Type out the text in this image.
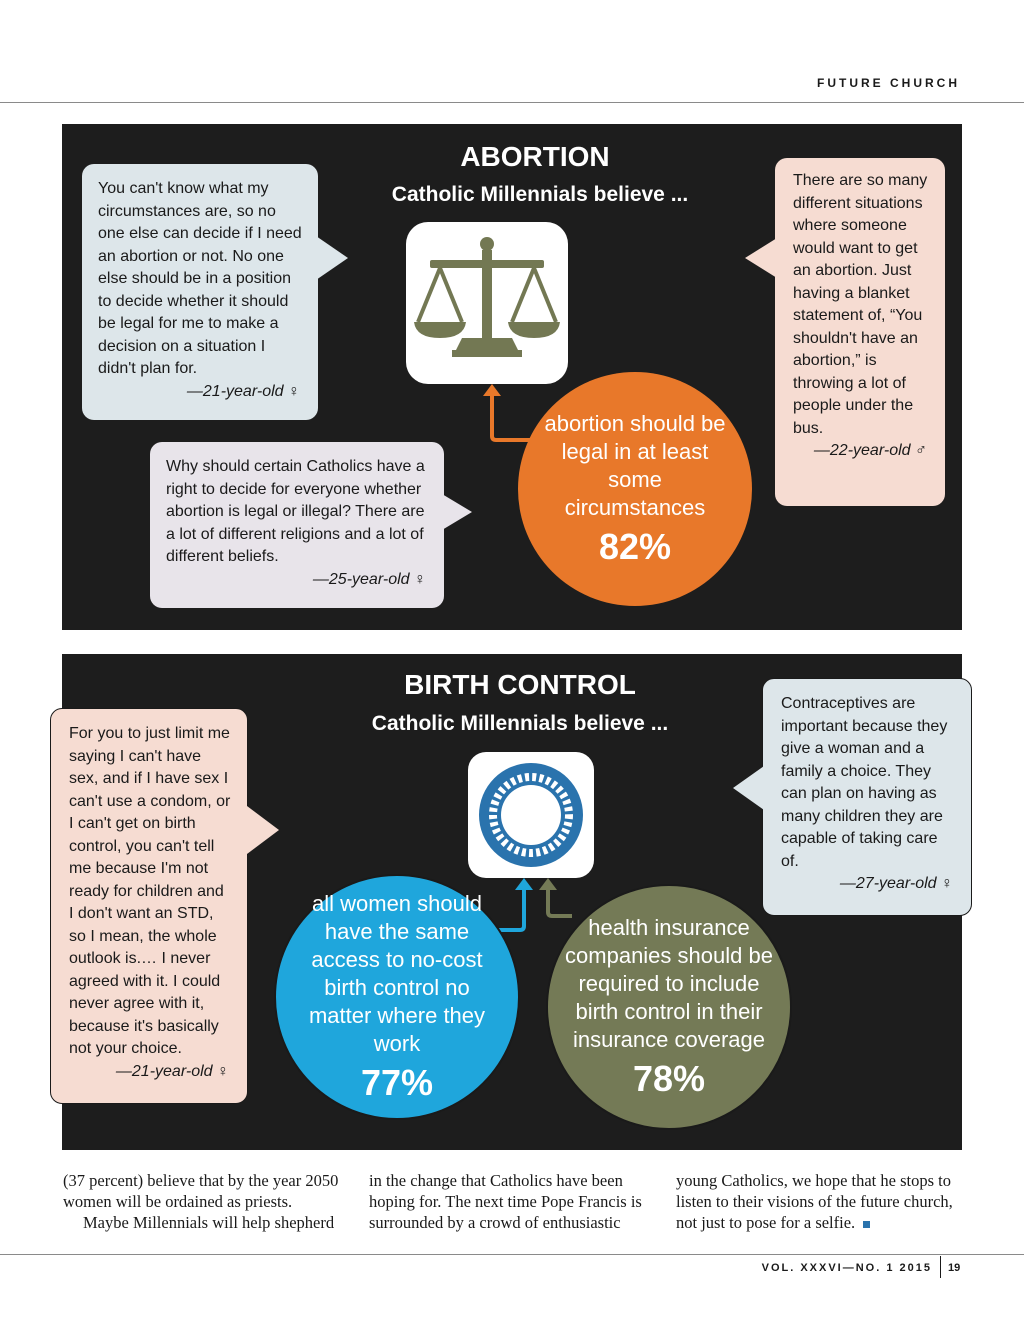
FUTURE CHURCH
ABORTION
Catholic Millennials believe ...
You can't know what my circumstances are, so no one else can decide if I need an abortion or not. No one else should be in a position to decide whether it should be legal for me to make a decision on a situation I didn't plan for.
—21-year-old ♀
Why should certain Catholics have a right to decide for everyone whether abortion is legal or illegal? There are a lot of different religions and a lot of different beliefs.
—25-year-old ♀
There are so many different situations where someone would want to get an abortion. Just having a blanket statement of, “You shouldn't have an abortion,” is throwing a lot of people under the bus.
—22-year-old ♂
abortion should be legal in at least some circumstances
82%
BIRTH CONTROL
Catholic Millennials believe ...
For you to just limit me saying I can't have sex, and if I have sex I can't use a condom, or I can't get on birth control, you can't tell me because I'm not ready for children and I don't want an STD, so I mean, the whole outlook is.… I never agreed with it. I could never agree with it, because it's basically not your choice.
—21-year-old ♀
Contraceptives are important because they give a woman and a family a choice. They can plan on having as many children they are capable of taking care of.
—27-year-old ♀
all women should have the same access to no-cost birth control no matter where they work
77%
health insurance companies should be required to include birth control in their insurance coverage
78%
(37 percent) believe that by the year 2050 women will be ordained as priests.
Maybe Millennials will help shepherd
in the change that Catholics have been hoping for. The next time Pope Francis is surrounded by a crowd of enthusiastic
young Catholics, we hope that he stops to listen to their visions of the future church, not just to pose for a selfie.
VOL. XXXVI—NO. 1 2015 19
